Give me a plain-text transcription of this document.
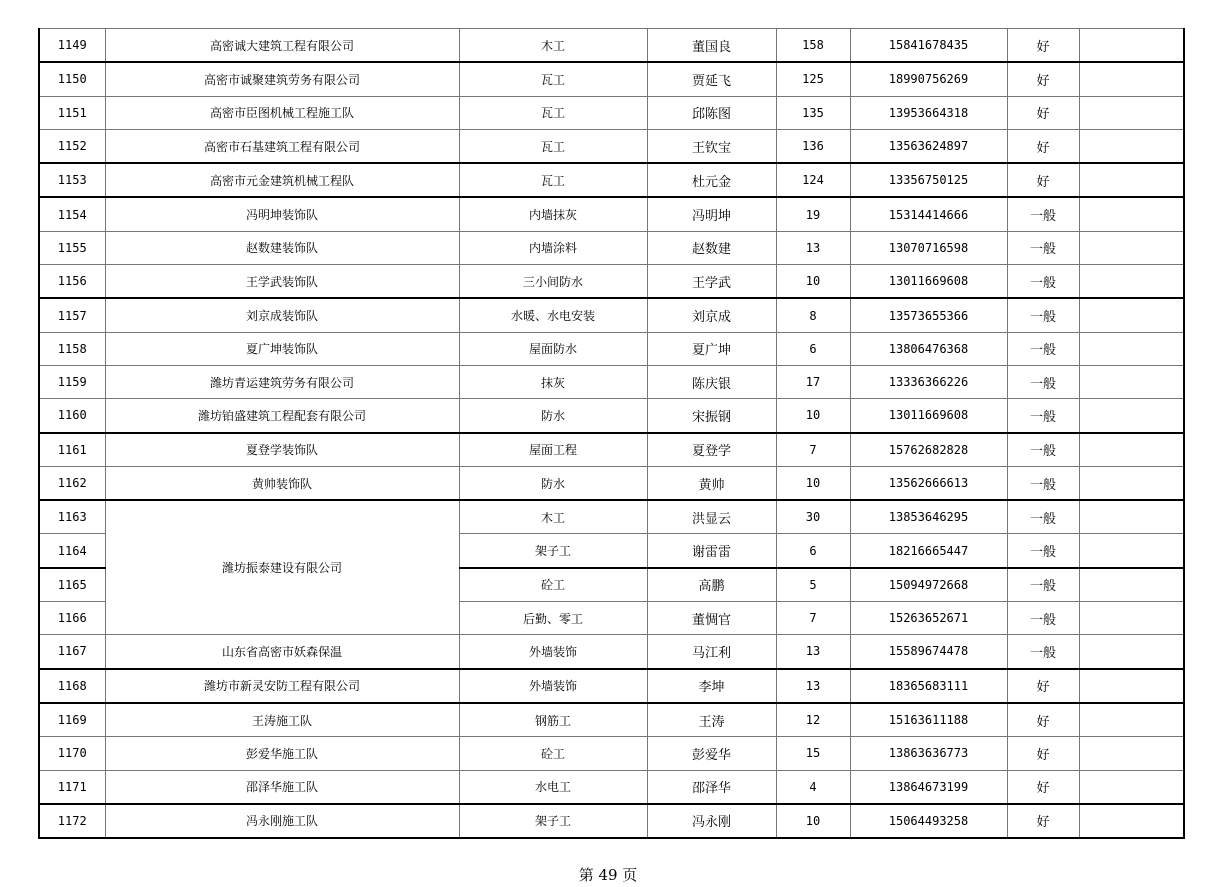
1149	高密诚大建筑工程有限公司	木工	董国良	158	15841678435	好	
1150	高密市诚聚建筑劳务有限公司	瓦工	贾延飞	125	18990756269	好	
1151	高密市臣图机械工程施工队	瓦工	邱陈图	135	13953664318	好	
1152	高密市石基建筑工程有限公司	瓦工	王钦宝	136	13563624897	好	
1153	高密市元金建筑机械工程队	瓦工	杜元金	124	13356750125	好	
1154	冯明坤装饰队	内墙抹灰	冯明坤	19	15314414666	一般	
1155	赵数建装饰队	内墙涂料	赵数建	13	13070716598	一般	
1156	王学武装饰队	三小间防水	王学武	10	13011669608	一般	
1157	刘京成装饰队	水暖、水电安装	刘京成	8	13573655366	一般	
1158	夏广坤装饰队	屋面防水	夏广坤	6	13806476368	一般	
1159	潍坊青运建筑劳务有限公司	抹灰	陈庆银	17	13336366226	一般	
1160	潍坊铂盛建筑工程配套有限公司	防水	宋振钢	10	13011669608	一般	
1161	夏登学装饰队	屋面工程	夏登学	7	15762682828	一般	
1162	黄帅装饰队	防水	黄帅	10	13562666613	一般	
1163	潍坊振泰建设有限公司	木工	洪显云	30	13853646295	一般	
1164		架子工	谢雷雷	6	18216665447	一般	
1165		砼工	高鹏	5	15094972668	一般	
1166		后勤、零工	董惆官	7	15263652671	一般	
1167	山东省高密市妖森保温	外墙装饰	马江利	13	15589674478	一般	
1168	潍坊市新灵安防工程有限公司	外墙装饰	李坤	13	18365683111	好	
1169	王涛施工队	钢筋工	王涛	12	15163611188	好	
1170	彭爱华施工队	砼工	彭爱华	15	13863636773	好	
1171	邵泽华施工队	水电工	邵泽华	4	13864673199	好	
1172	冯永刚施工队	架子工	冯永刚	10	15064493258	好	
第 49 页
